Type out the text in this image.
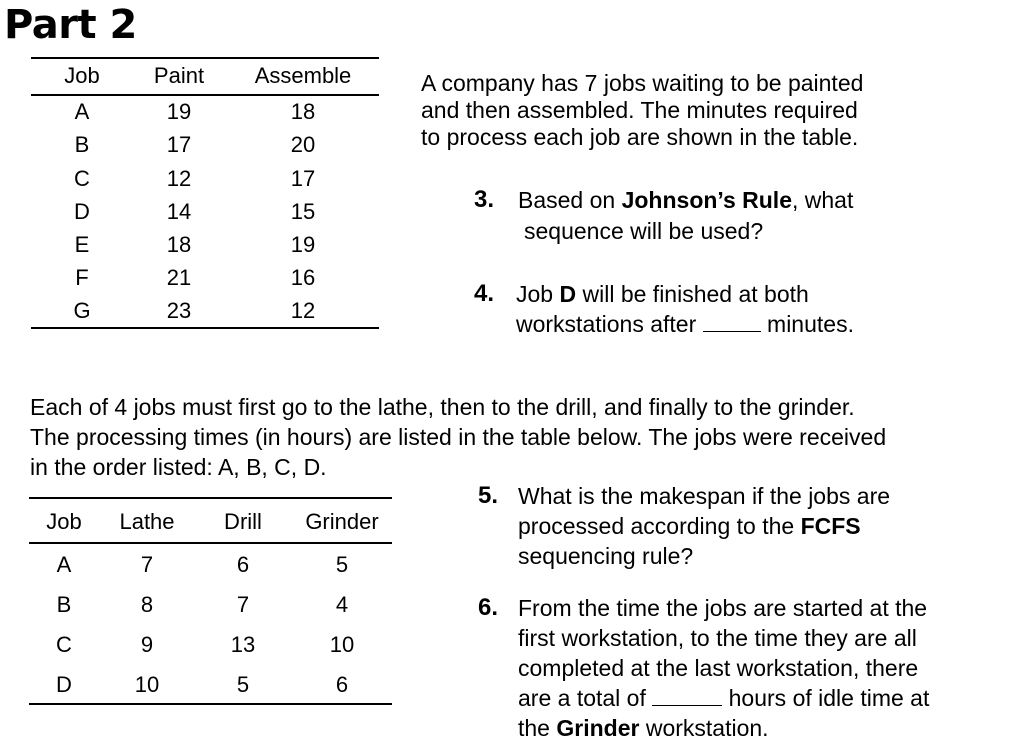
Part 2
Job Paint Assemble
A	19	18
B	17	20
C	12	17
D	14	15
E	18	19
F	21	16
G	23	12
A company has 7 jobs waiting to be painted
and then assembled. The minutes required
to process each job are shown in the table.
3. Based on Johnson’s Rule, what
sequence will be used?
4. Job D will be finished at both
workstations after	minutes.
Each of 4 jobs must first go to the lathe, then to the drill, and finally to the grinder.
The processing times (in hours) are listed in the table below. The jobs were received
in the order listed: A, B, C, D.
Job Lathe Drill Grinder
A	7	6	5
B	8	7	4
C	9	13	10
D	10	5	6
5. What is the makespan if the jobs are
processed according to the FCFS
sequencing rule?
6. From the time the jobs are started at the
first workstation, to the time they are all
completed at the last workstation, there
are a total of	hours of idle time at
the Grinder workstation.
